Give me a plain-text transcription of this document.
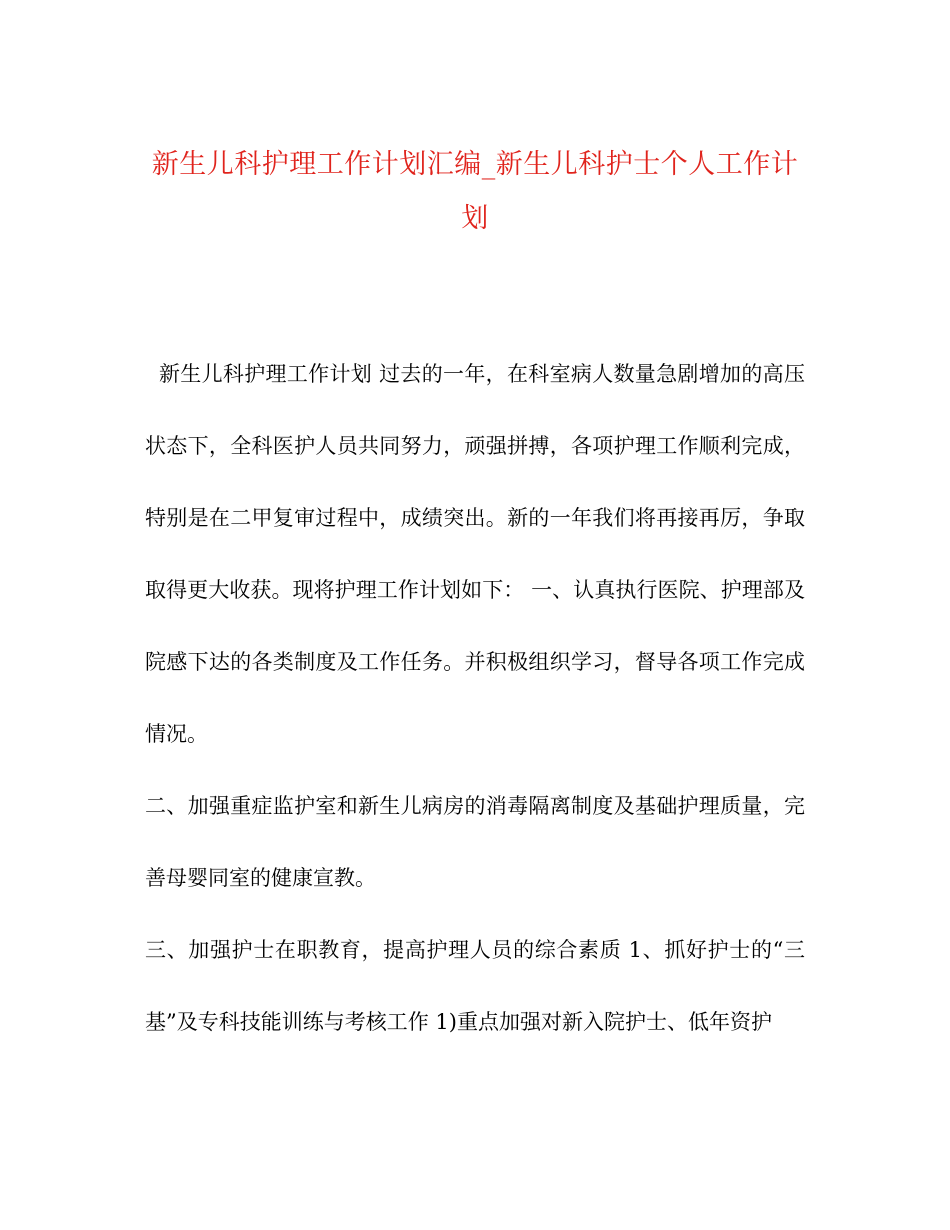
新生儿科护理工作计划汇编_新生儿科护士个人工作计划

新生儿科护理工作计划 过去的一年，在科室病人数量急剧增加的高压状态下，全科医护人员共同努力，顽强拼搏，各项护理工作顺利完成，特别是在二甲复审过程中，成绩突出。新的一年我们将再接再厉，争取取得更大收获。现将护理工作计划如下： 一、认真执行医院、护理部及院感下达的各类制度及工作任务。并积极组织学习，督导各项工作完成情况。

二、加强重症监护室和新生儿病房的消毒隔离制度及基础护理质量，完善母婴同室的健康宣教。

三、加强护士在职教育，提高护理人员的综合素质 1、抓好护士的“三基”及专科技能训练与考核工作 1)重点加强对新入院护士、低年资护
